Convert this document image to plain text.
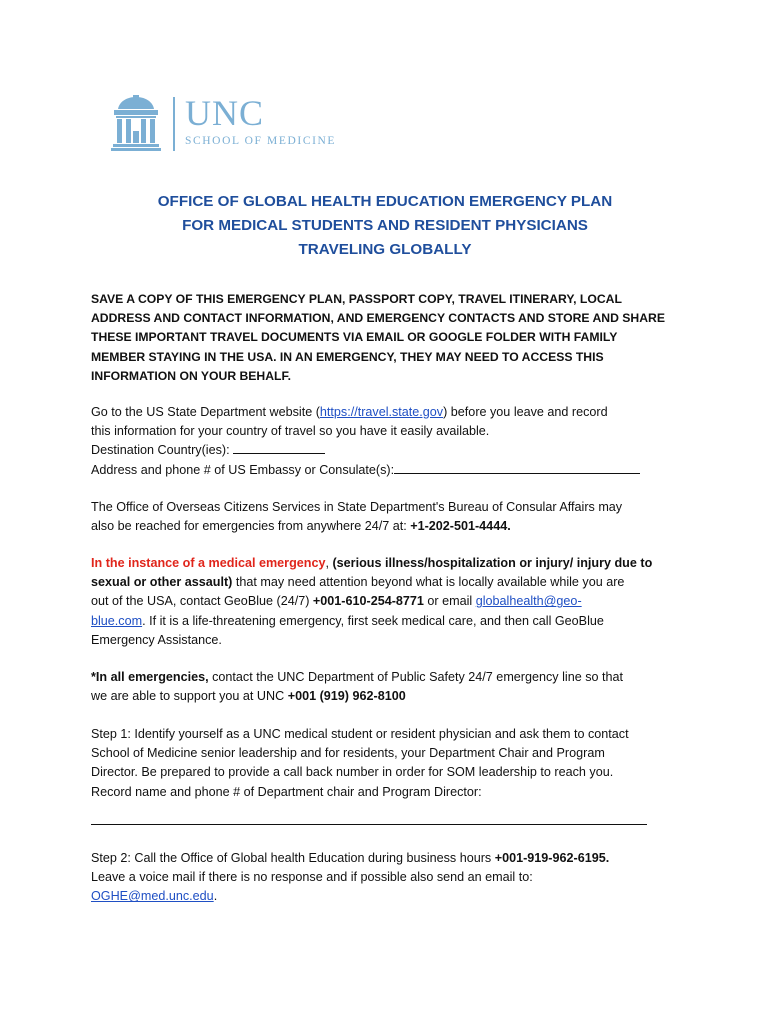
UNC
SCHOOL OF MEDICINE
OFFICE OF GLOBAL HEALTH EDUCATION EMERGENCY PLAN
FOR MEDICAL STUDENTS AND RESIDENT PHYSICIANS
TRAVELING GLOBALLY
SAVE A COPY OF THIS EMERGENCY PLAN, PASSPORT COPY, TRAVEL ITINERARY, LOCAL
ADDRESS AND CONTACT INFORMATION, AND EMERGENCY CONTACTS AND STORE AND SHARE
THESE IMPORTANT TRAVEL DOCUMENTS VIA EMAIL OR GOOGLE FOLDER WITH FAMILY
MEMBER STAYING IN THE USA. IN AN EMERGENCY, THEY MAY NEED TO ACCESS THIS
INFORMATION ON YOUR BEHALF.
Go to the US State Department website (https://travel.state.gov) before you leave and record
this information for your country of travel so you have it easily available.
Destination Country(ies):
Address and phone # of US Embassy or Consulate(s):
The Office of Overseas Citizens Services in State Department's Bureau of Consular Affairs may
also be reached for emergencies from anywhere 24/7 at: +1-202-501-4444.
In the instance of a medical emergency, (serious illness/hospitalization or injury/ injury due to
sexual or other assault) that may need attention beyond what is locally available while you are
out of the USA, contact GeoBlue (24/7) +001-610-254-8771 or email globalhealth@geo-
blue.com. If it is a life-threatening emergency, first seek medical care, and then call GeoBlue
Emergency Assistance.
*In all emergencies, contact the UNC Department of Public Safety 24/7 emergency line so that
we are able to support you at UNC +001 (919) 962-8100
Step 1: Identify yourself as a UNC medical student or resident physician and ask them to contact
School of Medicine senior leadership and for residents, your Department Chair and Program
Director. Be prepared to provide a call back number in order for SOM leadership to reach you.
Record name and phone # of Department chair and Program Director:
Step 2: Call the Office of Global health Education during business hours +001-919-962-6195.
Leave a voice mail if there is no response and if possible also send an email to:
OGHE@med.unc.edu.
